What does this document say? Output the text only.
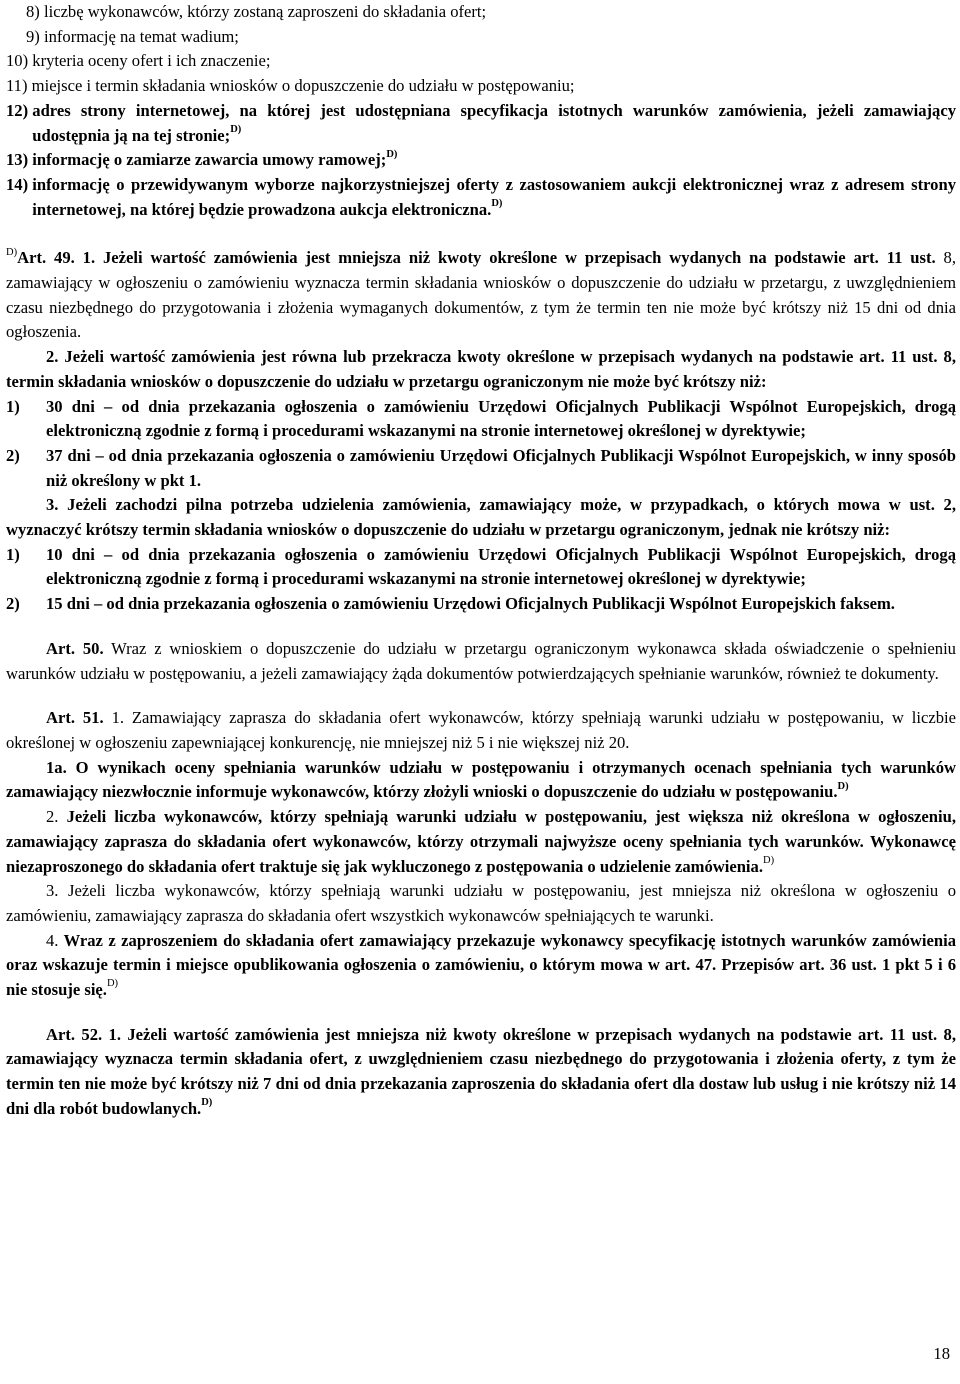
8)
liczbę wykonawców, którzy zostaną zaproszeni do składania ofert;
9)
informację na temat wadium;
10)
kryteria oceny ofert i ich znaczenie;
11)
miejsce i termin składania wniosków o dopuszczenie do udziału w postępowaniu;
12)
adres strony internetowej, na której jest udostępniana specyfikacja istotnych warunków zamówienia, jeżeli zamawiający udostępnia ją na tej stronie;$^{D)}$
13)
informację o zamiarze zawarcia umowy ramowej;$^{D)}$
14)
informację o przewidywanym wyborze najkorzystniejszej oferty z zastosowaniem aukcji elektronicznej wraz z adresem strony internetowej, na której będzie prowadzona aukcja elektroniczna.$^{D)}$

$^{D)}$Art. 49. 1. Jeżeli wartość zamówienia jest mniejsza niż kwoty określone w przepisach wydanych na podstawie art. 11 ust. 8, zamawiający w ogłoszeniu o zamówieniu wyznacza termin składania wniosków o dopuszczenie do udziału w przetargu, z uwzględnieniem czasu niezbędnego do przygotowania i złożenia wymaganych dokumentów, z tym że termin ten nie może być krótszy niż 15 dni od dnia ogłoszenia.

2. Jeżeli wartość zamówienia jest równa lub przekracza kwoty określone w przepisach wydanych na podstawie art. 11 ust. 8, termin składania wniosków o dopuszczenie do udziału w przetargu ograniczonym nie może być krótszy niż:

1)	30 dni – od dnia przekazania ogłoszenia o zamówieniu Urzędowi Oficjalnych Publikacji Wspólnot Europejskich, drogą elektroniczną zgodnie z formą i procedurami wskazanymi na stronie internetowej określonej w dyrektywie;
2)	37 dni – od dnia przekazania ogłoszenia o zamówieniu Urzędowi Oficjalnych Publikacji Wspólnot Europejskich, w inny sposób niż określony w pkt 1.

3. Jeżeli zachodzi pilna potrzeba udzielenia zamówienia, zamawiający może, w przypadkach, o których mowa w ust. 2, wyznaczyć krótszy termin składania wniosków o dopuszczenie do udziału w przetargu ograniczonym, jednak nie krótszy niż:

1)	10 dni – od dnia przekazania ogłoszenia o zamówieniu Urzędowi Oficjalnych Publikacji Wspólnot Europejskich, drogą elektroniczną zgodnie z formą i procedurami wskazanymi na stronie internetowej określonej w dyrektywie;
2)	15 dni – od dnia przekazania ogłoszenia o zamówieniu Urzędowi Oficjalnych Publikacji Wspólnot Europejskich faksem.

Art. 50. Wraz z wnioskiem o dopuszczenie do udziału w przetargu ograniczonym wykonawca składa oświadczenie o spełnieniu warunków udziału w postępowaniu, a jeżeli zamawiający żąda dokumentów potwierdzających spełnianie warunków, również te dokumenty.

Art. 51. 1. Zamawiający zaprasza do składania ofert wykonawców, którzy spełniają warunki udziału w postępowaniu, w liczbie określonej w ogłoszeniu zapewniającej konkurencję, nie mniejszej niż 5 i nie większej niż 20.

1a. O wynikach oceny spełniania warunków udziału w postępowaniu i otrzymanych ocenach spełniania tych warunków zamawiający niezwłocznie informuje wykonawców, którzy złożyli wnioski o dopuszczenie do udziału w postępowaniu.$^{D)}$

2. Jeżeli liczba wykonawców, którzy spełniają warunki udziału w postępowaniu, jest większa niż określona w ogłoszeniu, zamawiający zaprasza do składania ofert wykonawców, którzy otrzymali najwyższe oceny spełniania tych warunków. Wykonawcę niezaproszonego do składania ofert traktuje się jak wykluczonego z postępowania o udzielenie zamówienia.$^{D)}$

3. Jeżeli liczba wykonawców, którzy spełniają warunki udziału w postępowaniu, jest mniejsza niż określona w ogłoszeniu o zamówieniu, zamawiający zaprasza do składania ofert wszystkich wykonawców spełniających te warunki.

4. Wraz z zaproszeniem do składania ofert zamawiający przekazuje wykonawcy specyfikację istotnych warunków zamówienia oraz wskazuje termin i miejsce opublikowania ogłoszenia o zamówieniu, o którym mowa w art. 47. Przepisów art. 36 ust. 1 pkt 5 i 6 nie stosuje się.$^{D)}$

Art. 52. 1. Jeżeli wartość zamówienia jest mniejsza niż kwoty określone w przepisach wydanych na podstawie art. 11 ust. 8, zamawiający wyznacza termin składania ofert, z uwzględnieniem czasu niezbędnego do przygotowania i złożenia oferty, z tym że termin ten nie może być krótszy niż 7 dni od dnia przekazania zaproszenia do składania ofert dla dostaw lub usług i nie krótszy niż 14 dni dla robót budowlanych.$^{D)}$

18
